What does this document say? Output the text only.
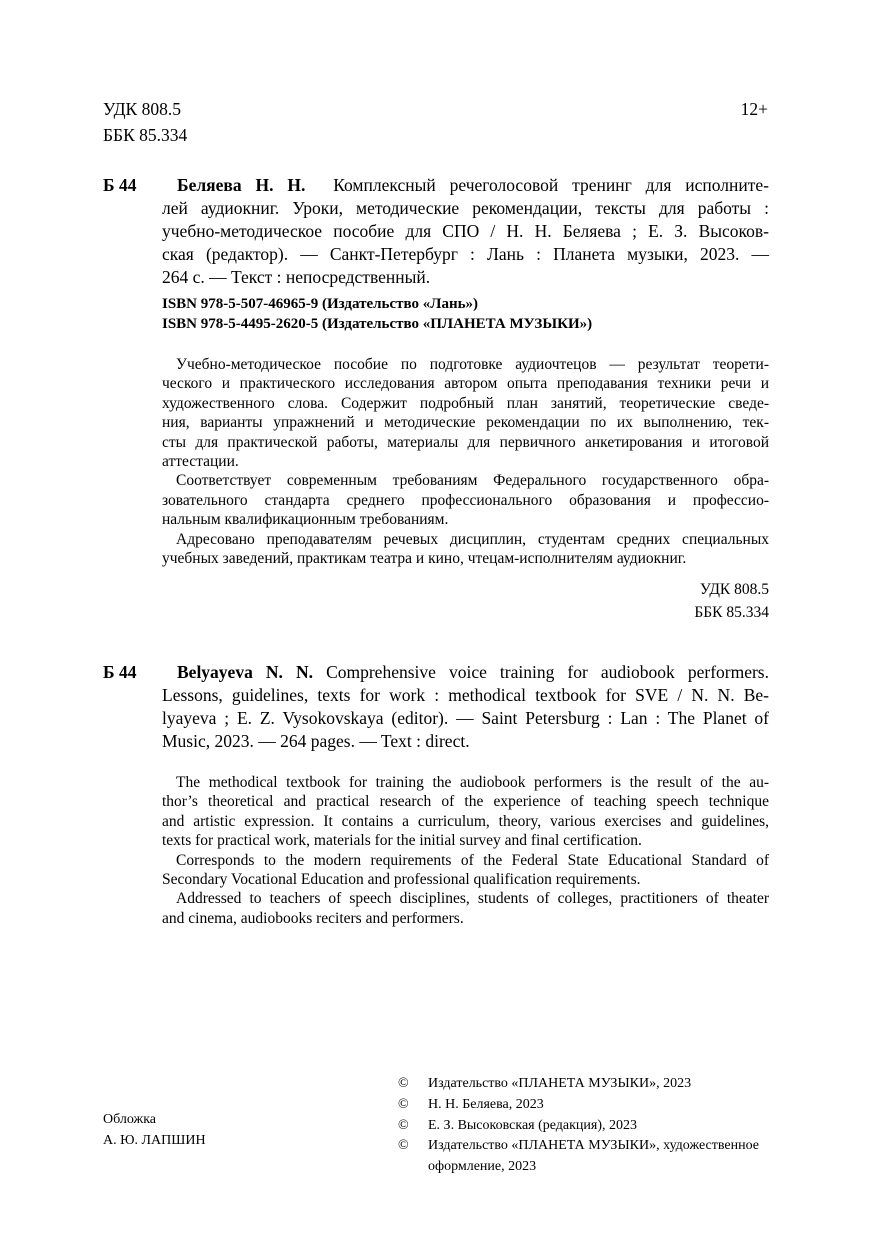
УДК 808.5
ББК 85.334
12+
Б 44 Беляева Н. Н. Комплексный речеголосовой тренинг для исполните-
лей аудиокниг. Уроки, методические рекомендации, тексты для работы :
учебно-методическое пособие для СПО / Н. Н. Беляева ; Е. З. Высоков-
ская (редактор). — Санкт-Петербург : Лань : Планета музыки, 2023. —
264 с. — Текст : непосредственный.
ISBN 978-5-507-46965-9 (Издательство «Лань»)
ISBN 978-5-4495-2620-5 (Издательство «ПЛАНЕТА МУЗЫКИ»)
Учебно-методическое пособие по подготовке аудиочтецов — результат теорети-
ческого и практического исследования автором опыта преподавания техники речи и
художественного слова. Содержит подробный план занятий, теоретические сведе-
ния, варианты упражнений и методические рекомендации по их выполнению, тек-
сты для практической работы, материалы для первичного анкетирования и итоговой
аттестации.
Соответствует современным требованиям Федерального государственного обра-
зовательного стандарта среднего профессионального образования и профессио-
нальным квалификационным требованиям.
Адресовано преподавателям речевых дисциплин, студентам средних специальных
учебных заведений, практикам театра и кино, чтецам-исполнителям аудиокниг.
УДК 808.5
ББК 85.334
Б 44 Belyayeva N. N. Comprehensive voice training for audiobook performers.
Lessons, guidelines, texts for work : methodical textbook for SVE / N. N. Be-
lyayeva ; E. Z. Vysokovskaya (editor). — Saint Petersburg : Lan : The Planet of
Music, 2023. — 264 pages. — Text : direct.
The methodical textbook for training the audiobook performers is the result of the au-
thor’s theoretical and practical research of the experience of teaching speech technique
and artistic expression. It contains a curriculum, theory, various exercises and guidelines,
texts for practical work, materials for the initial survey and final certification.
Corresponds to the modern requirements of the Federal State Educational Standard of
Secondary Vocational Education and professional qualification requirements.
Addressed to teachers of speech disciplines, students of colleges, practitioners of theater
and cinema, audiobooks reciters and performers.
Обложка
А. Ю. ЛАПШИН
©	Издательство «ПЛАНЕТА МУЗЫКИ», 2023
©	Н. Н. Беляева, 2023
©	Е. З. Высоковская (редакция), 2023
©	Издательство «ПЛАНЕТА МУЗЫКИ», художественное
оформление, 2023
